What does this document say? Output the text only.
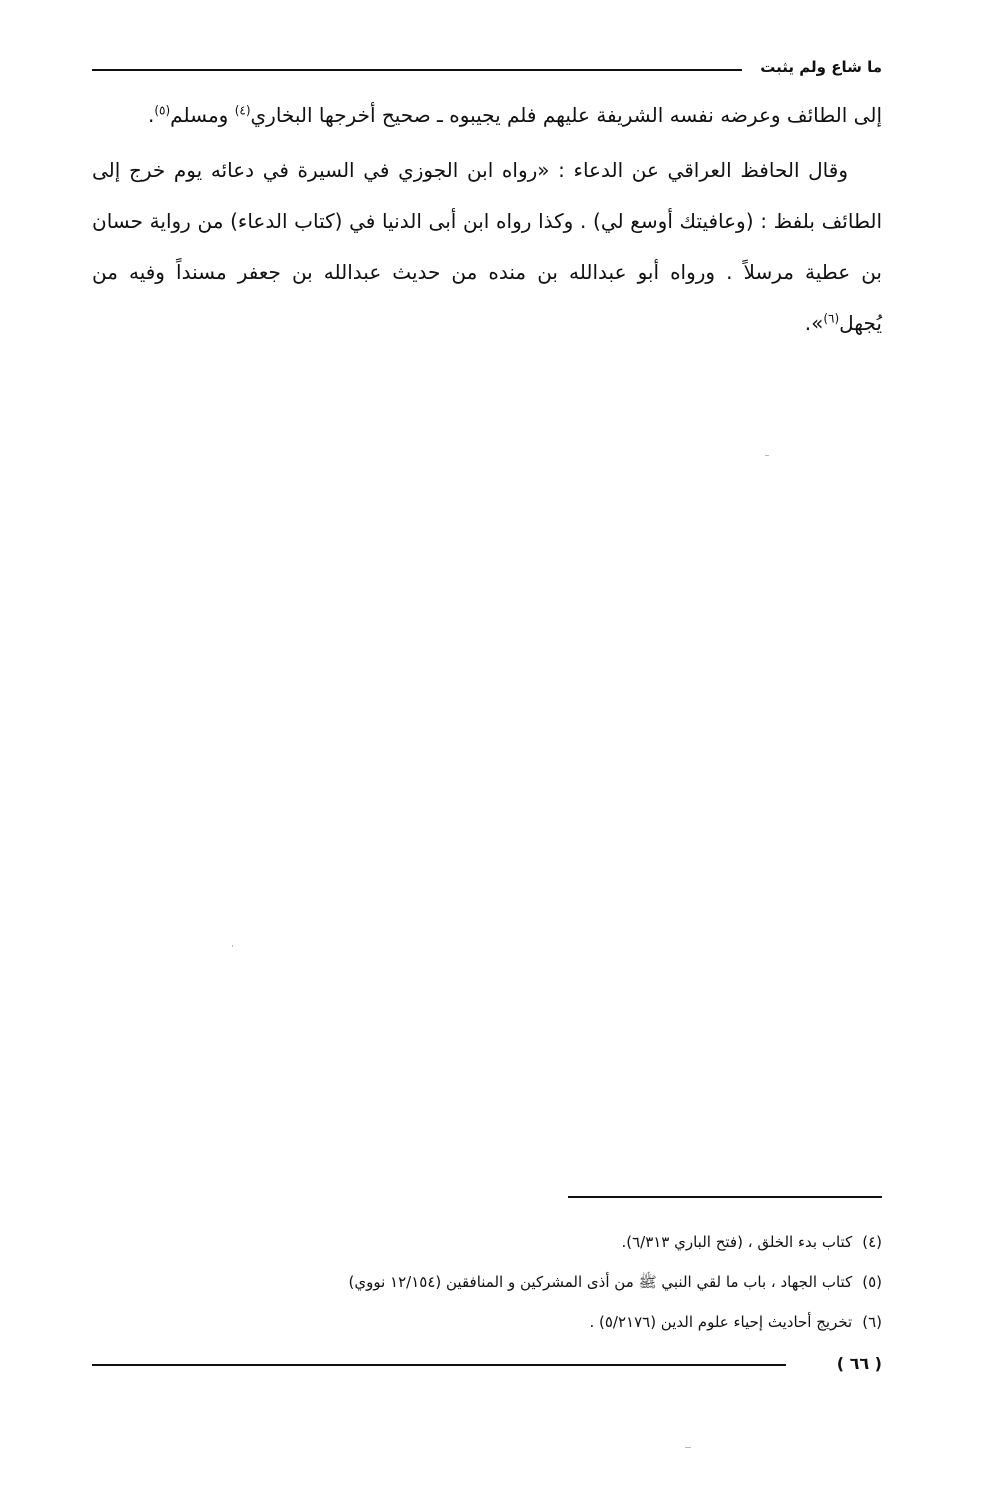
ما شاع ولم يثبت

إلى الطائف وعرضه نفسه الشريفة عليهم فلم يجيبوه ـ صحيح أخرجها البخاري$^{(٤)}$ ومسلم$^{(٥)}$.

وقال الحافظ العراقي عن الدعاء : «رواه ابن الجوزي في السيرة في دعائه يوم خرج إلى الطائف بلفظ : (وعافيتك أوسع لي) . وكذا رواه ابن أبى الدنيا في (كتاب الدعاء) من رواية حسان بن عطية مرسلاً . ورواه أبو عبدالله بن منده من حديث عبدالله بن جعفر مسنداً وفيه من يُجهل$^{(٦)}$».

(٤)كتاب بدء الخلق ، (فتح الباري ٦/٣١٣).
(٥)كتاب الجهاد ، باب ما لقي النبي ﷺ من أذى المشركين و المنافقين (١٢/١٥٤ نووي)
(٦)تخريج أحاديث إحياء علوم الدين (٥/٢١٧٦) .
( ٦٦ )
